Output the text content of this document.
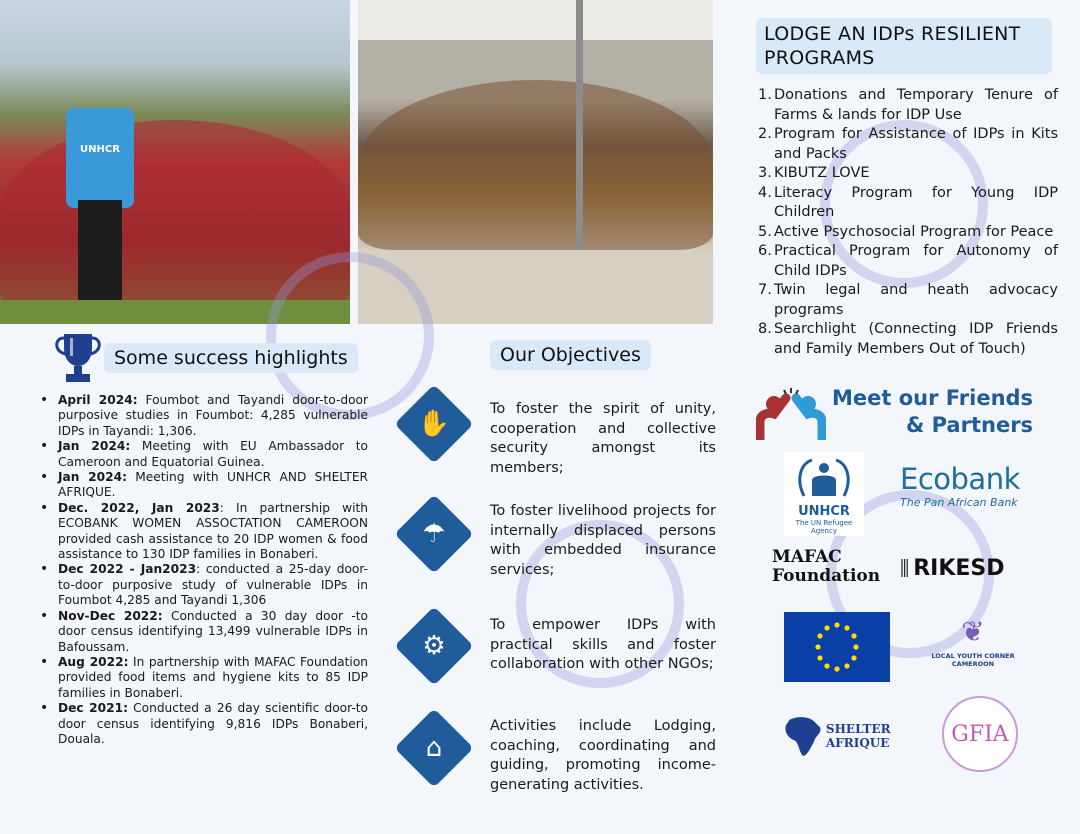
UNHCR
Some success highlights
• April 2024: Foumbot and Tayandi door-to-door purposive studies in Foumbot: 4,285 vulnerable IDPs in Tayandi: 1,306.
• Jan 2024: Meeting with EU Ambassador to Cameroon and Equatorial Guinea.
• Jan 2024: Meeting with UNHCR AND SHELTER AFRIQUE.
• Dec. 2022, Jan 2023: In partnership with ECOBANK WOMEN ASSOCTATION CAMEROON provided cash assistance to 20 IDP women & food assistance to 130 IDP families in Bonaberi.
• Dec 2022 - Jan2023: conducted a 25-day door-to-door purposive study of vulnerable IDPs in Foumbot 4,285 and Tayandi 1,306
• Nov-Dec 2022: Conducted a 30 day door -to door census identifying 13,499 vulnerable IDPs in Bafoussam.
• Aug 2022: In partnership with MAFAC Foundation provided food items and hygiene kits to 85 IDP families in Bonaberi.
• Dec 2021: Conducted a 26 day scientific door-to door census identifying 9,816 IDPs Bonaberi, Douala.
Our Objectives
✋	To foster the spirit of unity, cooperation and collective security amongst its members;
☂
To foster livelihood projects for internally displaced persons with embedded insurance services;
⚙
To empower IDPs with practical skills and foster collaboration with other NGOs;
⌂
Activities include Lodging, coaching, coordinating and guiding, promoting income-generating activities.
LODGE AN IDPs RESILIENT PROGRAMS
1. Donations and Temporary Tenure of Farms & lands for IDP Use
2. Program for Assistance of IDPs in Kits and Packs
3. KIBUTZ LOVE
4. Literacy Program for Young IDP Children
5. Active Psychosocial Program for Peace
6. Practical Program for Autonomy of Child IDPs
7. Twin legal and heath advocacy programs
8. Searchlight (Connecting IDP Friends and Family Members Out of Touch)
Meet our Friends
& Partners
UNHCR
The UN Refugee Agency
Ecobank
The Pan African Bank
MAFAC
Foundation ⫼ RIKESD
❦
LOCAL YOUTH CORNER
CAMEROON
SHELTER AFRIQUE	GFIA
